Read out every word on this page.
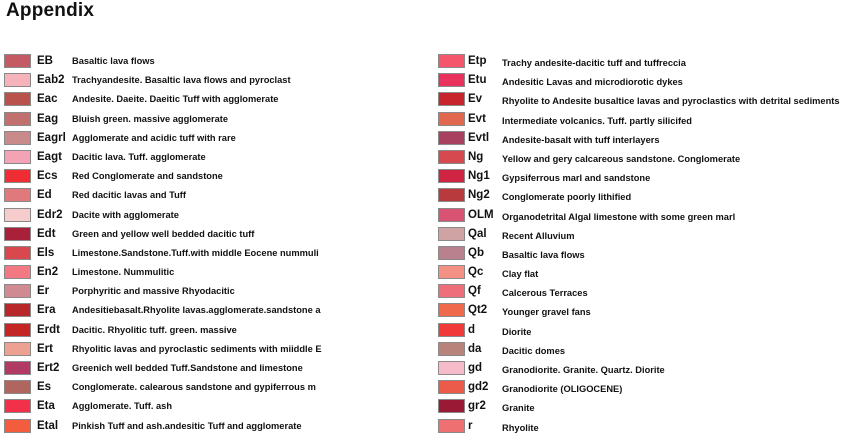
Appendix
EB Basaltic lava flows
Eab2 Trachyandesite. Basaltic lava flows and pyroclast
Eac Andesite. Daeite. Daeitic Tuff with agglomerate
Eag Bluish green. massive agglomerate
Eagrl Agglomerate and acidic tuff with rare
Eagt Dacitic lava. Tuff. agglomerate
Ecs Red Conglomerate and sandstone
Ed Red dacitic lavas and Tuff
Edr2 Dacite with agglomerate
Edt Green and yellow well bedded dacitic tuff
Els Limestone.Sandstone.Tuff.with middle Eocene nummuli
En2 Limestone. Nummulitic
Er Porphyritic and massive Rhyodacitic
Era Andesitiebasalt.Rhyolite lavas.agglomerate.sandstone a
Erdt Dacitic. Rhyolitic tuff. green. massive
Ert Rhyolitic lavas and pyroclastic sediments with miiddle E
Ert2 Greenich well bedded Tuff.Sandstone and limestone
Es Conglomerate. calearous sandstone and gypiferrous m
Eta Agglomerate. Tuff. ash
Etal Pinkish Tuff and ash.andesitic Tuff and agglomerate
Etp Trachy andesite-dacitic tuff and tuffreccia
Etu Andesitic Lavas and microdiorotic dykes
Ev Rhyolite to Andesite busaltice lavas and pyroclastics with detrital sediments
Evt Intermediate volcanics. Tuff. partly silicifed
Evtl Andesite-basalt with tuff interlayers
Ng Yellow and gery calcareous sandstone. Conglomerate
Ng1 Gypsiferrous marl and sandstone
Ng2 Conglomerate poorly lithified
OLM Organodetrital Algal limestone with some green marl
Qal Recent Alluvium
Qb Basaltic lava flows
Qc Clay flat
Qf Calcerous Terraces
Qt2 Younger gravel fans
d	Diorite
da Dacitic domes
gd Granodiorite. Granite. Quartz. Diorite
gd2 Granodiorite (OLIGOCENE)
gr2 Granite
r	Rhyolite
